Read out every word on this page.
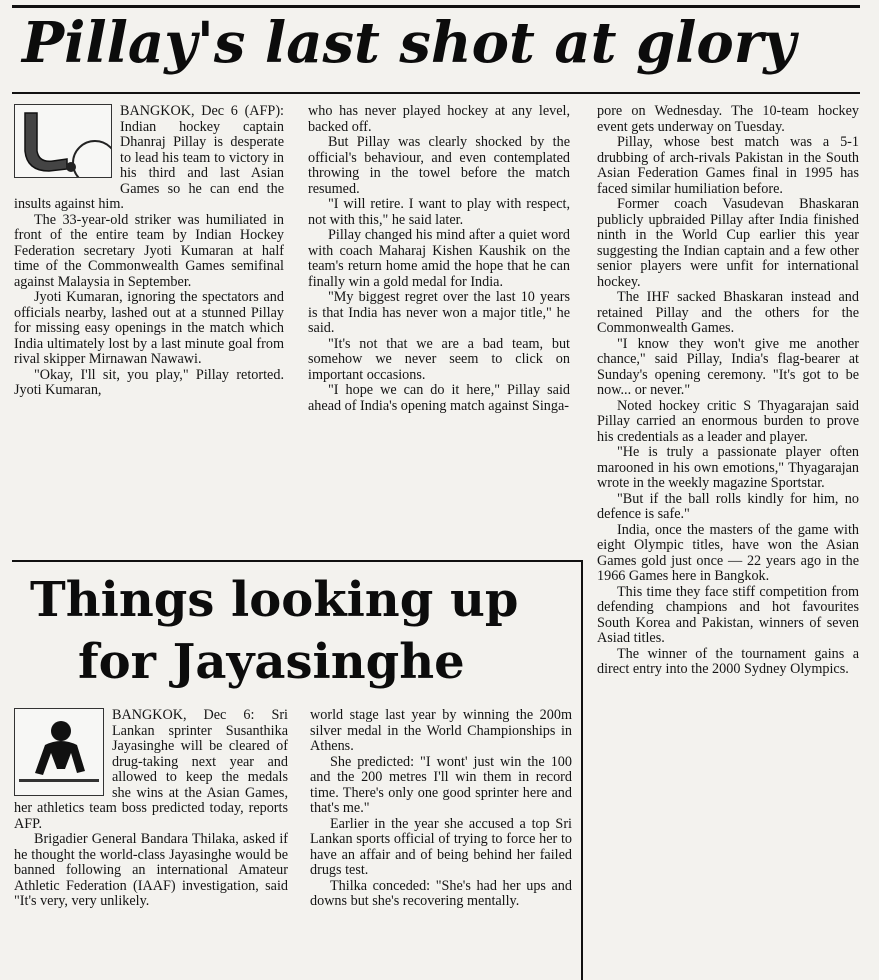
Pillay's last shot at glory

BANGKOK, Dec 6 (AFP): Indian hockey captain Dhanraj Pillay is desperate to lead his team to victory in his third and last Asian Games so he can end the insults against him.

The 33-year-old striker was humiliated in front of the entire team by Indian Hockey Federation secretary Jyoti Kumaran at half time of the Commonwealth Games semifinal against Malaysia in September.

Jyoti Kumaran, ignoring the spectators and officials nearby, lashed out at a stunned Pillay for missing easy openings in the match which India ultimately lost by a last minute goal from rival skipper Mirnawan Nawawi.

"Okay, I'll sit, you play," Pillay retorted. Jyoti Kumaran,

who has never played hockey at any level, backed off.

But Pillay was clearly shocked by the official's behaviour, and even contemplated throwing in the towel before the match resumed.

"I will retire. I want to play with respect, not with this," he said later.

Pillay changed his mind after a quiet word with coach Maharaj Kishen Kaushik on the team's return home amid the hope that he can finally win a gold medal for India.

"My biggest regret over the last 10 years is that India has never won a major title," he said.

"It's not that we are a bad team, but somehow we never seem to click on important occasions.

"I hope we can do it here," Pillay said ahead of India's opening match against Singa-

pore on Wednesday. The 10-team hockey event gets underway on Tuesday.

Pillay, whose best match was a 5-1 drubbing of arch-rivals Pakistan in the South Asian Federation Games final in 1995 has faced similar humiliation before.

Former coach Vasudevan Bhaskaran publicly upbraided Pillay after India finished ninth in the World Cup earlier this year suggesting the Indian captain and a few other senior players were unfit for international hockey.

The IHF sacked Bhaskaran instead and retained Pillay and the others for the Commonwealth Games.

"I know they won't give me another chance," said Pillay, India's flag-bearer at Sunday's opening ceremony. "It's got to be now... or never."

Noted hockey critic S Thyagarajan said Pillay carried an enormous burden to prove his credentials as a leader and player.

"He is truly a passionate player often marooned in his own emotions," Thyagarajan wrote in the weekly magazine Sportstar.

"But if the ball rolls kindly for him, no defence is safe."

India, once the masters of the game with eight Olympic titles, have won the Asian Games gold just once — 22 years ago in the 1966 Games here in Bangkok.

This time they face stiff competition from defending champions and hot favourites South Korea and Pakistan, winners of seven Asiad titles.

The winner of the tournament gains a direct entry into the 2000 Sydney Olympics.

Things looking up
for Jayasinghe

BANGKOK, Dec 6: Sri Lankan sprinter Susanthika Jayasinghe will be cleared of drug-taking next year and allowed to keep the medals she wins at the Asian Games, her athletics team boss predicted today, reports AFP.

Brigadier General Bandara Thilaka, asked if he thought the world-class Jayasinghe would be banned following an international Amateur Athletic Federation (IAAF) investigation, said "It's very, very unlikely.

world stage last year by winning the 200m silver medal in the World Championships in Athens.

She predicted: "I wont' just win the 100 and the 200 metres I'll win them in record time. There's only one good sprinter here and that's me."

Earlier in the year she accused a top Sri Lankan sports official of trying to force her to have an affair and of being behind her failed drugs test.

Thilka conceded: "She's had her ups and downs but she's recovering mentally.
